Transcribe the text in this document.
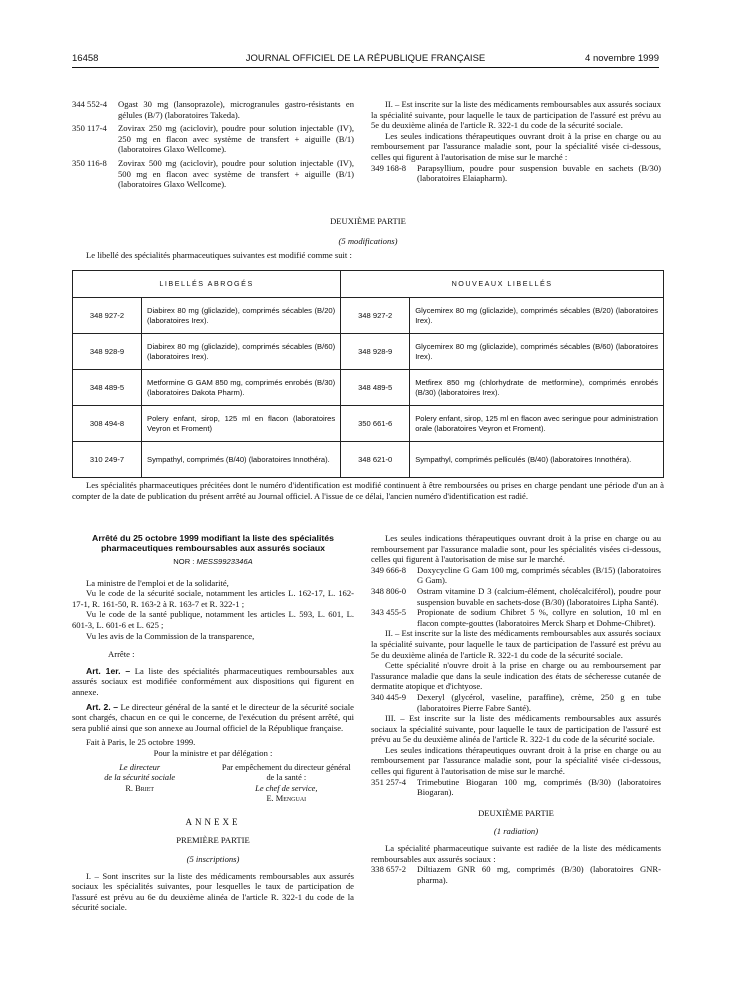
16458	JOURNAL OFFICIEL DE LA RÉPUBLIQUE FRANÇAISE	4 novembre 1999
344 552-4	Ogast 30 mg (lansoprazole), microgranules gastro-résistants en gélules (B/7) (laboratoires Takeda).
350 117-4	Zovirax 250 mg (aciclovir), poudre pour solution injectable (IV), 250 mg en flacon avec système de transfert + aiguille (B/1) (laboratoires Glaxo Wellcome).
350 116-8	Zovirax 500 mg (aciclovir), poudre pour solution injectable (IV), 500 mg en flacon avec système de transfert + aiguille (B/1) (laboratoires Glaxo Wellcome).

II. – Est inscrite sur la liste des médicaments remboursables aux assurés sociaux la spécialité suivante, pour laquelle le taux de participation de l'assuré est prévu au 5e du deuxième alinéa de l'article R. 322-1 du code de la sécurité sociale.

Les seules indications thérapeutiques ouvrant droit à la prise en charge ou au remboursement par l'assurance maladie sont, pour la spécialité visée ci-dessous, celles qui figurent à l'autorisation de mise sur le marché :

349 168-8	Parapsyllium, poudre pour suspension buvable en sachets (B/30) (laboratoires Elaiapharm).
DEUXIÈME PARTIE
(5 modifications)

Le libellé des spécialités pharmaceutiques suivantes est modifié comme suit :

LIBELLÉS ABROGÉS		NOUVEAUX LIBELLÉS	
348 927-2	Diabirex 80 mg (gliclazide), comprimés sécables (B/20) (laboratoires Irex).	348 927-2	Glycemirex 80 mg (gliclazide), comprimés sécables (B/20) (laboratoires Irex).
348 928-9	Diabirex 80 mg (gliclazide), comprimés sécables (B/60) (laboratoires Irex).	348 928-9	Glycemirex 80 mg (gliclazide), comprimés sécables (B/60) (laboratoires Irex).
348 489-5	Metformine G GAM 850 mg, comprimés enrobés (B/30) (laboratoires Dakota Pharm).	348 489-5	Metfirex 850 mg (chlorhydrate de metformine), comprimés enrobés (B/30) (laboratoires Irex).
308 494-8	Polery enfant, sirop, 125 ml en flacon (laboratoires Veyron et Froment)	350 661-6	Polery enfant, sirop, 125 ml en flacon avec seringue pour administration orale (laboratoires Veyron et Froment).
310 249-7	Sympathyl, comprimés (B/40) (laboratoires Innothéra).	348 621-0	Sympathyl, comprimés pelliculés (B/40) (laboratoires Innothéra).

Les spécialités pharmaceutiques précitées dont le numéro d'identification est modifié continuent à être remboursées ou prises en charge pendant une période d'un an à compter de la date de publication du présent arrêté au Journal officiel. A l'issue de ce délai, l'ancien numéro d'identification est radié.

Arrêté du 25 octobre 1999 modifiant la liste des spécialités pharmaceutiques remboursables aux assurés sociaux
NOR : MESS9923346A

La ministre de l'emploi et de la solidarité,

Vu le code de la sécurité sociale, notamment les articles L. 162-17, L. 162-17-1, R. 161-50, R. 163-2 à R. 163-7 et R. 322-1 ;

Vu le code de la santé publique, notamment les articles L. 593, L. 601, L. 601-3, L. 601-6 et L. 625 ;

Vu les avis de la Commission de la transparence,

Arrête :

Art. 1er. – La liste des spécialités pharmaceutiques remboursables aux assurés sociaux est modifiée conformément aux dispositions qui figurent en annexe.

Art. 2. – Le directeur général de la santé et le directeur de la sécurité sociale sont chargés, chacun en ce qui le concerne, de l'exécution du présent arrêté, qui sera publié ainsi que son annexe au Journal officiel de la République française.

Fait à Paris, le 25 octobre 1999.

Pour la ministre et par délégation :
Le directeur
de la sécurité sociale
R. Briet
Par empêchement du directeur général
de la santé :
Le chef de service,
E. Menguai
ANNEXE
PREMIÈRE PARTIE
(5 inscriptions)

I. – Sont inscrites sur la liste des médicaments remboursables aux assurés sociaux les spécialités suivantes, pour lesquelles le taux de participation de l'assuré est prévu au 6e du deuxième alinéa de l'article R. 322-1 du code de la sécurité sociale.

Les seules indications thérapeutiques ouvrant droit à la prise en charge ou au remboursement par l'assurance maladie sont, pour les spécialités visées ci-dessous, celles qui figurent à l'autorisation de mise sur le marché.

349 666-8	Doxycycline G Gam 100 mg, comprimés sécables (B/15) (laboratoires G Gam).
348 806-0	Ostram vitamine D 3 (calcium-élément, cholécalciférol), poudre pour suspension buvable en sachets-dose (B/30) (laboratoires Lipha Santé).
343 455-5	Propionate de sodium Chibret 5 %, collyre en solution, 10 ml en flacon compte-gouttes (laboratoires Merck Sharp et Dohme-Chibret).

II. – Est inscrite sur la liste des médicaments remboursables aux assurés sociaux la spécialité suivante, pour laquelle le taux de participation de l'assuré est prévu au 5e du deuxième alinéa de l'article R. 322-1 du code de la sécurité sociale.

Cette spécialité n'ouvre droit à la prise en charge ou au remboursement par l'assurance maladie que dans la seule indication des états de sécheresse cutanée de dermatite atopique et d'ichtyose.

340 445-9	Dexeryl (glycérol, vaseline, paraffine), crème, 250 g en tube (laboratoires Pierre Fabre Santé).

III. – Est inscrite sur la liste des médicaments remboursables aux assurés sociaux la spécialité suivante, pour laquelle le taux de participation de l'assuré est prévu au 5e du deuxième alinéa de l'article R. 322-1 du code de la sécurité sociale.

Les seules indications thérapeutiques ouvrant droit à la prise en charge ou au remboursement par l'assurance maladie sont, pour la spécialité visée ci-dessous, celles qui figurent à l'autorisation de mise sur le marché.

351 257-4	Trimebutine Biogaran 100 mg, comprimés (B/30) (laboratoires Biogaran).
DEUXIÈME PARTIE
(1 radiation)

La spécialité pharmaceutique suivante est radiée de la liste des médicaments remboursables aux assurés sociaux :

338 657-2	Diltiazem GNR 60 mg, comprimés (B/30) (laboratoires GNR-pharma).
